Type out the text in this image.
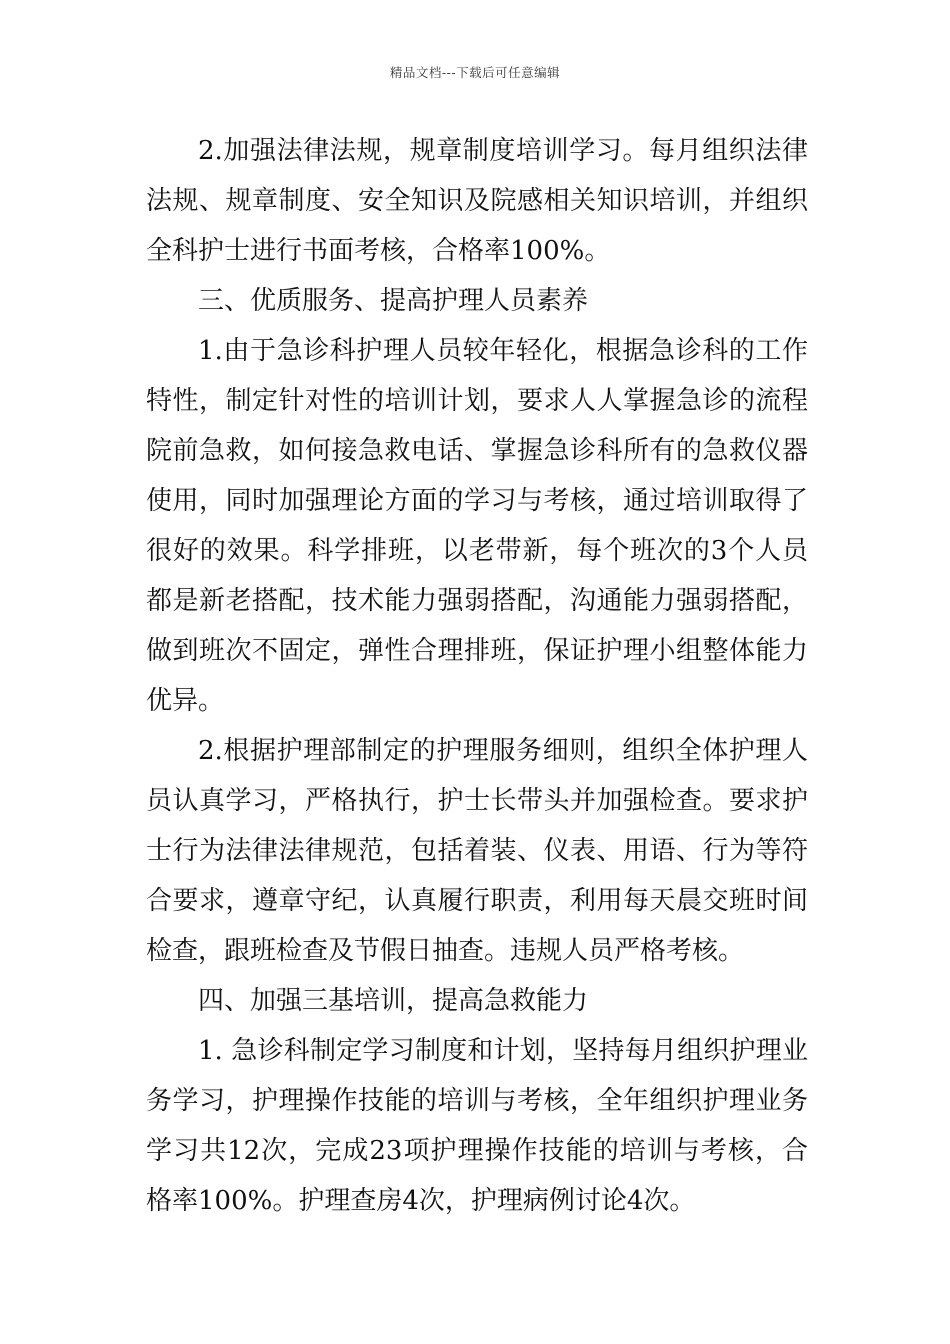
精品文档---下载后可任意编辑

2.加强法律法规，规章制度培训学习。每月组织法律法规、规章制度、安全知识及院感相关知识培训，并组织全科护士进行书面考核，合格率100%。

三、优质服务、提高护理人员素养

1.由于急诊科护理人员较年轻化，根据急诊科的工作特性，制定针对性的培训计划，要求人人掌握急诊的流程院前急救，如何接急救电话、掌握急诊科所有的急救仪器使用，同时加强理论方面的学习与考核，通过培训取得了很好的效果。科学排班，以老带新，每个班次的3个人员都是新老搭配，技术能力强弱搭配，沟通能力强弱搭配，做到班次不固定，弹性合理排班，保证护理小组整体能力优异。

2.根据护理部制定的护理服务细则，组织全体护理人员认真学习，严格执行，护士长带头并加强检查。要求护士行为法律法律规范，包括着装、仪表、用语、行为等符合要求，遵章守纪，认真履行职责，利用每天晨交班时间检查，跟班检查及节假日抽查。违规人员严格考核。

四、加强三基培训，提高急救能力

1. 急诊科制定学习制度和计划，坚持每月组织护理业务学习，护理操作技能的培训与考核，全年组织护理业务学习共12次，完成23项护理操作技能的培训与考核，合格率100%。护理查房4次，护理病例讨论4次。
